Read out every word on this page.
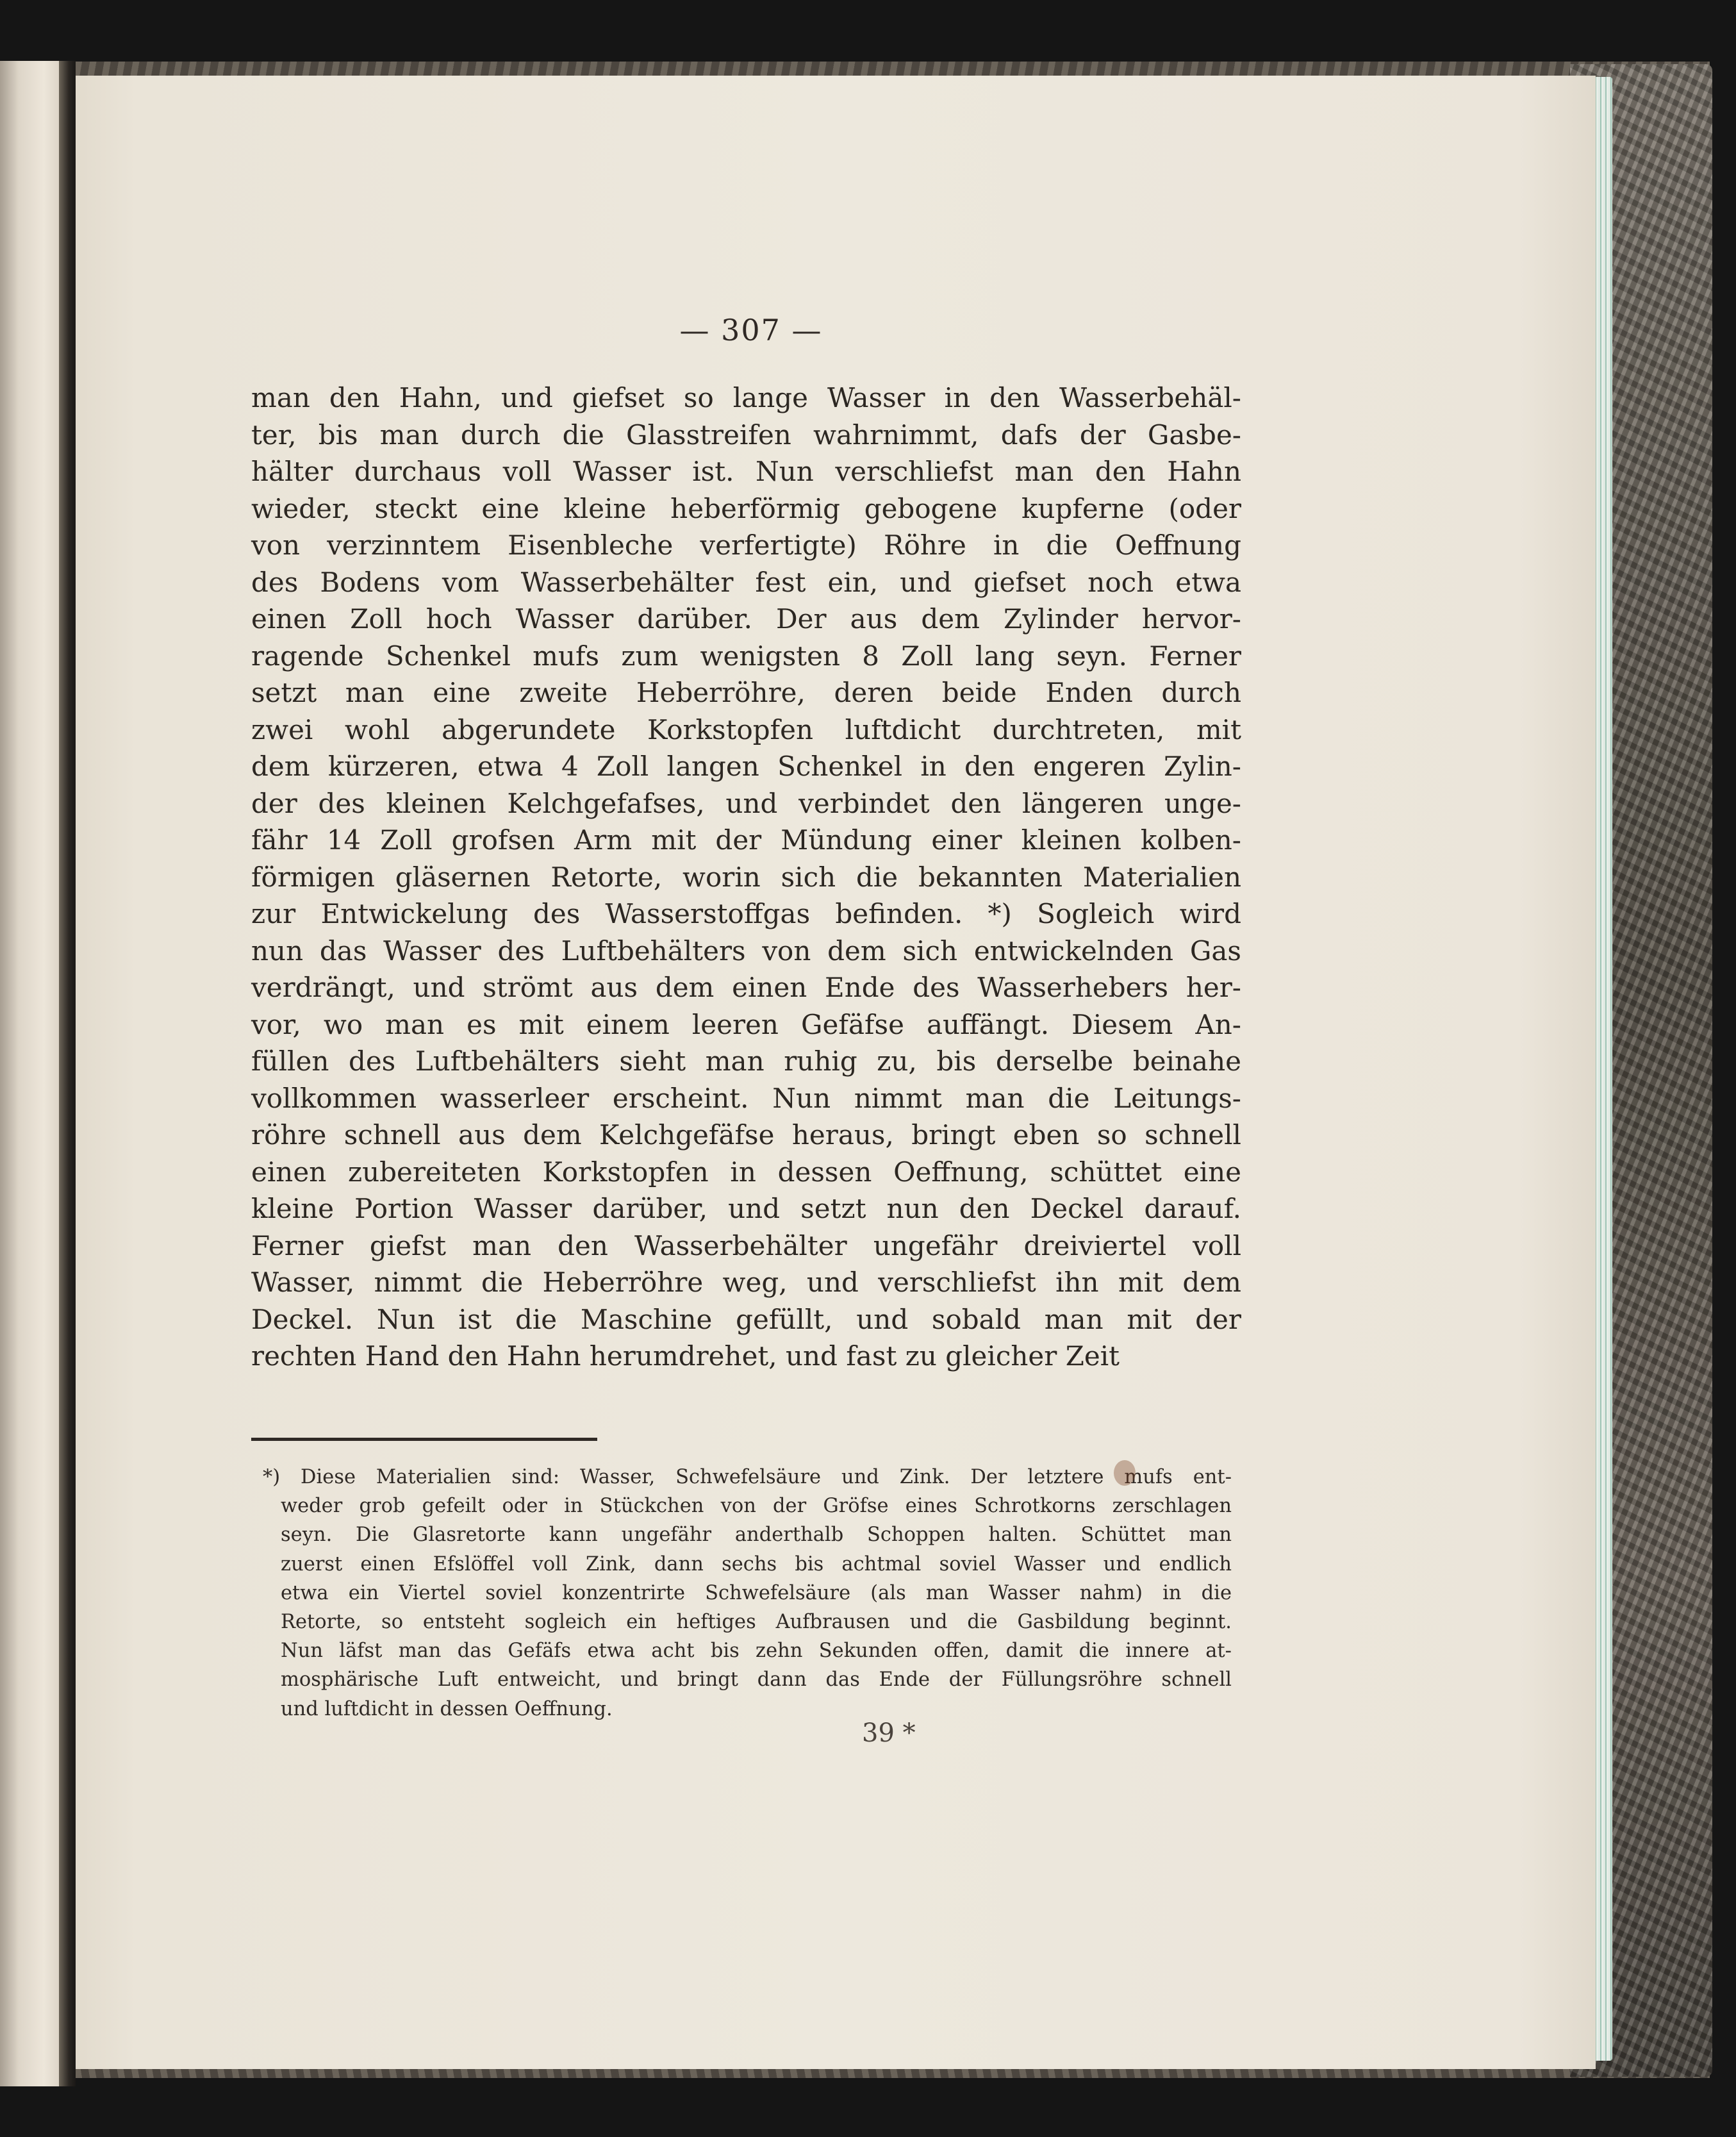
— 307 —
man den Hahn, und giefset so lange Wasser in den Wasserbehäl-
ter, bis man durch die Glasstreifen wahrnimmt, dafs der Gasbe-
hälter durchaus voll Wasser ist. Nun verschliefst man den Hahn
wieder, steckt eine kleine heberförmig gebogene kupferne (oder
von verzinntem Eisenbleche verfertigte) Röhre in die Oeffnung
des Bodens vom Wasserbehälter fest ein, und giefset noch etwa
einen Zoll hoch Wasser darüber. Der aus dem Zylinder hervor-
ragende Schenkel mufs zum wenigsten 8 Zoll lang seyn. Ferner
setzt man eine zweite Heberröhre, deren beide Enden durch
zwei wohl abgerundete Korkstopfen luftdicht durchtreten, mit
dem kürzeren, etwa 4 Zoll langen Schenkel in den engeren Zylin-
der des kleinen Kelchgefafses, und verbindet den längeren unge-
fähr 14 Zoll grofsen Arm mit der Mündung einer kleinen kolben-
förmigen gläsernen Retorte, worin sich die bekannten Materialien
zur Entwickelung des Wasserstoffgas befinden. *) Sogleich wird
nun das Wasser des Luftbehälters von dem sich entwickelnden Gas
verdrängt, und strömt aus dem einen Ende des Wasserhebers her-
vor, wo man es mit einem leeren Gefäfse auffängt. Diesem An-
füllen des Luftbehälters sieht man ruhig zu, bis derselbe beinahe
vollkommen wasserleer erscheint. Nun nimmt man die Leitungs-
röhre schnell aus dem Kelchgefäfse heraus, bringt eben so schnell
einen zubereiteten Korkstopfen in dessen Oeffnung, schüttet eine
kleine Portion Wasser darüber, und setzt nun den Deckel darauf.
Ferner giefst man den Wasserbehälter ungefähr dreiviertel voll
Wasser, nimmt die Heberröhre weg, und verschliefst ihn mit dem
Deckel. Nun ist die Maschine gefüllt, und sobald man mit der
rechten Hand den Hahn herumdrehet, und fast zu gleicher Zeit
*) Diese Materialien sind: Wasser, Schwefelsäure und Zink. Der letztere mufs ent-
weder grob gefeilt oder in Stückchen von der Gröfse eines Schrotkorns zerschlagen
seyn. Die Glasretorte kann ungefähr anderthalb Schoppen halten. Schüttet man
zuerst einen Efslöffel voll Zink, dann sechs bis achtmal soviel Wasser und endlich
etwa ein Viertel soviel konzentrirte Schwefelsäure (als man Wasser nahm) in die
Retorte, so entsteht sogleich ein heftiges Aufbrausen und die Gasbildung beginnt.
Nun läfst man das Gefäfs etwa acht bis zehn Sekunden offen, damit die innere at-
mosphärische Luft entweicht, und bringt dann das Ende der Füllungsröhre schnell
und luftdicht in dessen Oeffnung.
39 *
